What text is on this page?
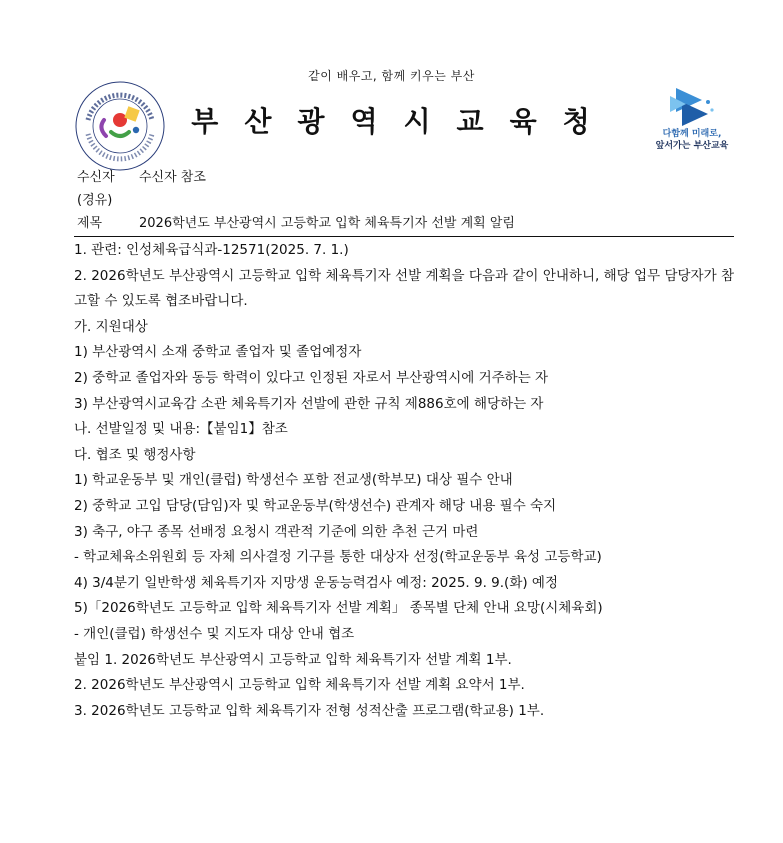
같이 배우고, 함께 키우는 부산
부산광역시교육청	다함께 미래로,
앞서가는 부산교육
수신자 수신자 참조
(경유)
제목	2026학년도 부산광역시 고등학교 입학 체육특기자 선발 계획 알림

1. 관련: 인성체육급식과-12571(2025. 7. 1.)

2. 2026학년도 부산광역시 고등학교 입학 체육특기자 선발 계획을 다음과 같이 안내하니, 해당 업무 담당자가 참고할 수 있도록 협조바랍니다.

가. 지원대상

1) 부산광역시 소재 중학교 졸업자 및 졸업예정자

2) 중학교 졸업자와 동등 학력이 있다고 인정된 자로서 부산광역시에 거주하는 자

3) 부산광역시교육감 소관 체육특기자 선발에 관한 규칙 제886호에 해당하는 자

나. 선발일정 및 내용:【붙임1】참조

다. 협조 및 행정사항

1) 학교운동부 및 개인(클럽) 학생선수 포함 전교생(학부모) 대상 필수 안내

2) 중학교 고입 담당(담임)자 및 학교운동부(학생선수) 관계자 해당 내용 필수 숙지

3) 축구, 야구 종목 선배정 요청시 객관적 기준에 의한 추천 근거 마련

- 학교체육소위원회 등 자체 의사결정 기구를 통한 대상자 선정(학교운동부 육성 고등학교)

4) 3/4분기 일반학생 체육특기자 지망생 운동능력검사 예정: 2025. 9. 9.(화) 예정

5)「2026학년도 고등학교 입학 체육특기자 선발 계획」 종목별 단체 안내 요망(시체육회)

- 개인(클럽) 학생선수 및 지도자 대상 안내 협조

붙임 1. 2026학년도 부산광역시 고등학교 입학 체육특기자 선발 계획 1부.

2. 2026학년도 부산광역시 고등학교 입학 체육특기자 선발 계획 요약서 1부.

3. 2026학년도 고등학교 입학 체육특기자 전형 성적산출 프로그램(학교용) 1부.
